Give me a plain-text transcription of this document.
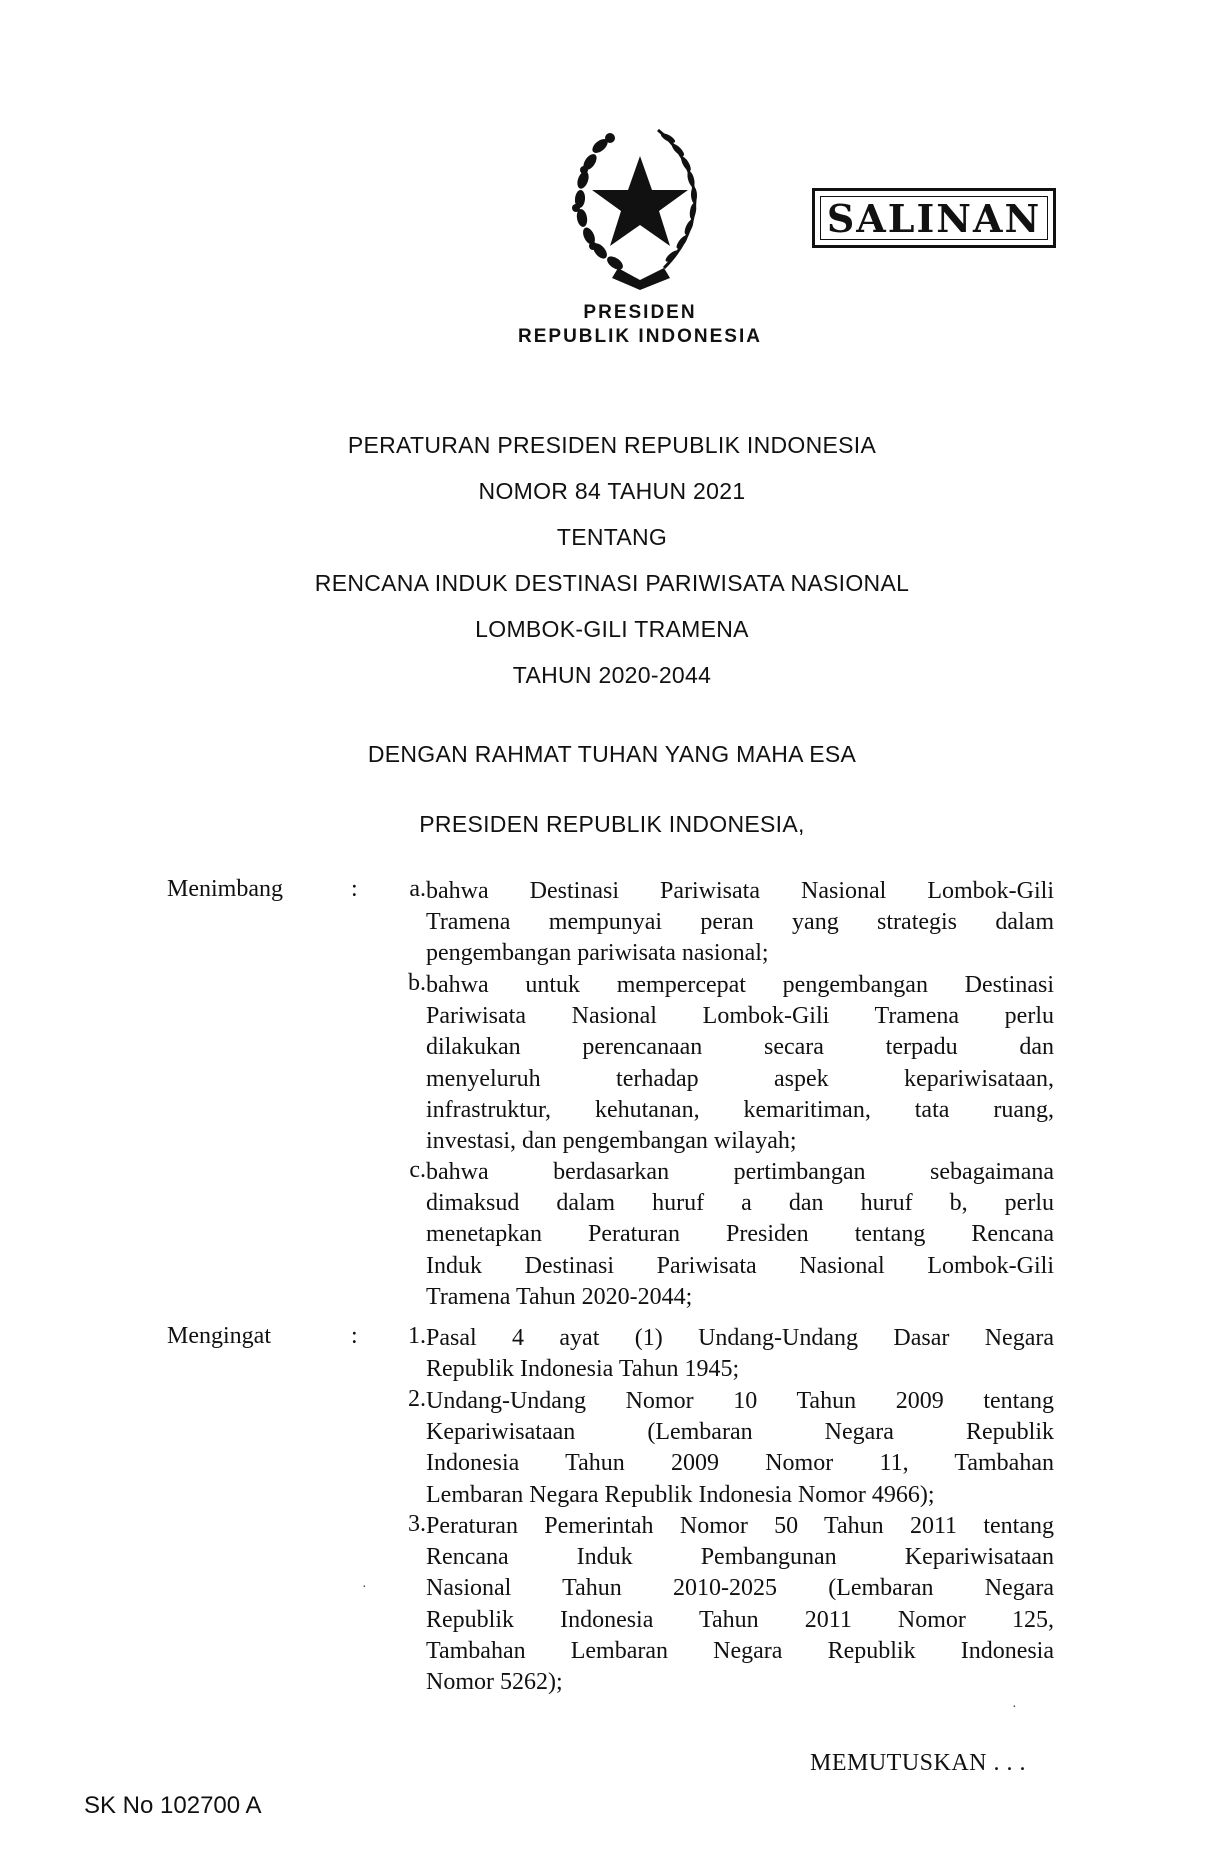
PRESIDEN
REPUBLIK INDONESIA
SALINAN
PERATURAN PRESIDEN REPUBLIK INDONESIA
NOMOR 84 TAHUN 2021
TENTANG
RENCANA INDUK DESTINASI PARIWISATA NASIONAL
LOMBOK-GILI TRAMENA
TAHUN 2020-2044
DENGAN RAHMAT TUHAN YANG MAHA ESA
PRESIDEN REPUBLIK INDONESIA,
Menimbang	:	a. bahwa Destinasi Pariwisata Nasional Lombok-Gili
Tramena mempunyai peran yang strategis dalam
pengembangan pariwisata nasional;
b. bahwa untuk mempercepat pengembangan Destinasi
Pariwisata Nasional Lombok-Gili Tramena perlu
dilakukan perencanaan secara terpadu dan
menyeluruh terhadap aspek kepariwisataan,
infrastruktur, kehutanan, kemaritiman, tata ruang,
investasi, dan pengembangan wilayah;
c. bahwa berdasarkan pertimbangan sebagaimana
dimaksud dalam huruf a dan huruf b, perlu
menetapkan Peraturan Presiden tentang Rencana
Induk Destinasi Pariwisata Nasional Lombok-Gili
Tramena Tahun 2020-2044;
Mengingat	:	1. Pasal 4 ayat (1) Undang-Undang Dasar Negara
Republik Indonesia Tahun 1945;
2. Undang-Undang Nomor 10 Tahun 2009 tentang
Kepariwisataan (Lembaran Negara Republik
Indonesia Tahun 2009 Nomor 11, Tambahan
Lembaran Negara Republik Indonesia Nomor 4966);
3. Peraturan Pemerintah Nomor 50 Tahun 2011 tentang
Rencana Induk Pembangunan Kepariwisataan
Nasional Tahun 2010-2025 (Lembaran Negara
Republik Indonesia Tahun 2011 Nomor 125,
Tambahan Lembaran Negara Republik Indonesia
Nomor 5262);
·
·
MEMUTUSKAN . . .
SK No 102700 A
